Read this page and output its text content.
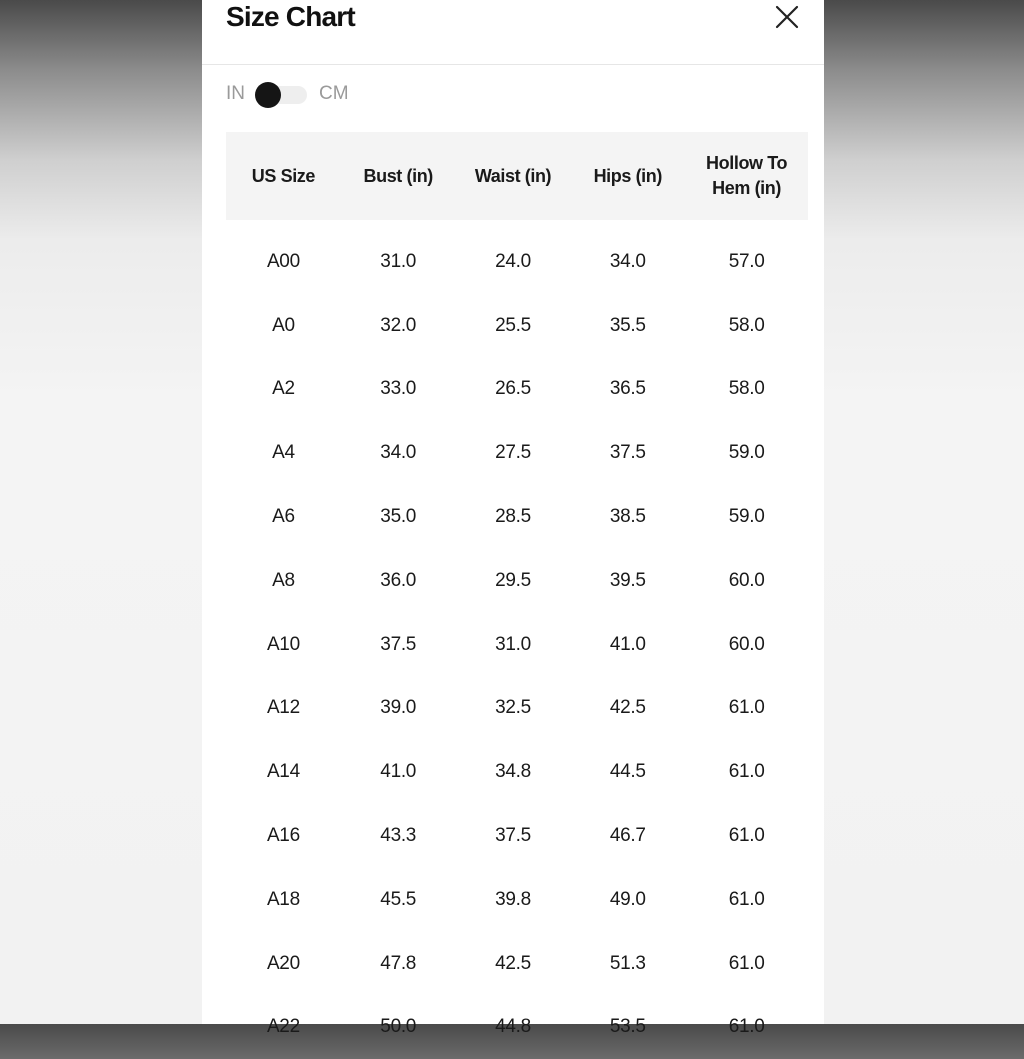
Size Chart
IN	CM
US Size	Bust (in)	Waist (in)	Hips (in)	Hollow To Hem (in)

A00	31.0	24.0	34.0	57.0
A0	32.0	25.5	35.5	58.0
A2	33.0	26.5	36.5	58.0
A4	34.0	27.5	37.5	59.0
A6	35.0	28.5	38.5	59.0
A8	36.0	29.5	39.5	60.0
A10	37.5	31.0	41.0	60.0
A12	39.0	32.5	42.5	61.0
A14	41.0	34.8	44.5	61.0
A16	43.3	37.5	46.7	61.0
A18	45.5	39.8	49.0	61.0
A20	47.8	42.5	51.3	61.0
A22	50.0	44.8	53.5	61.0
